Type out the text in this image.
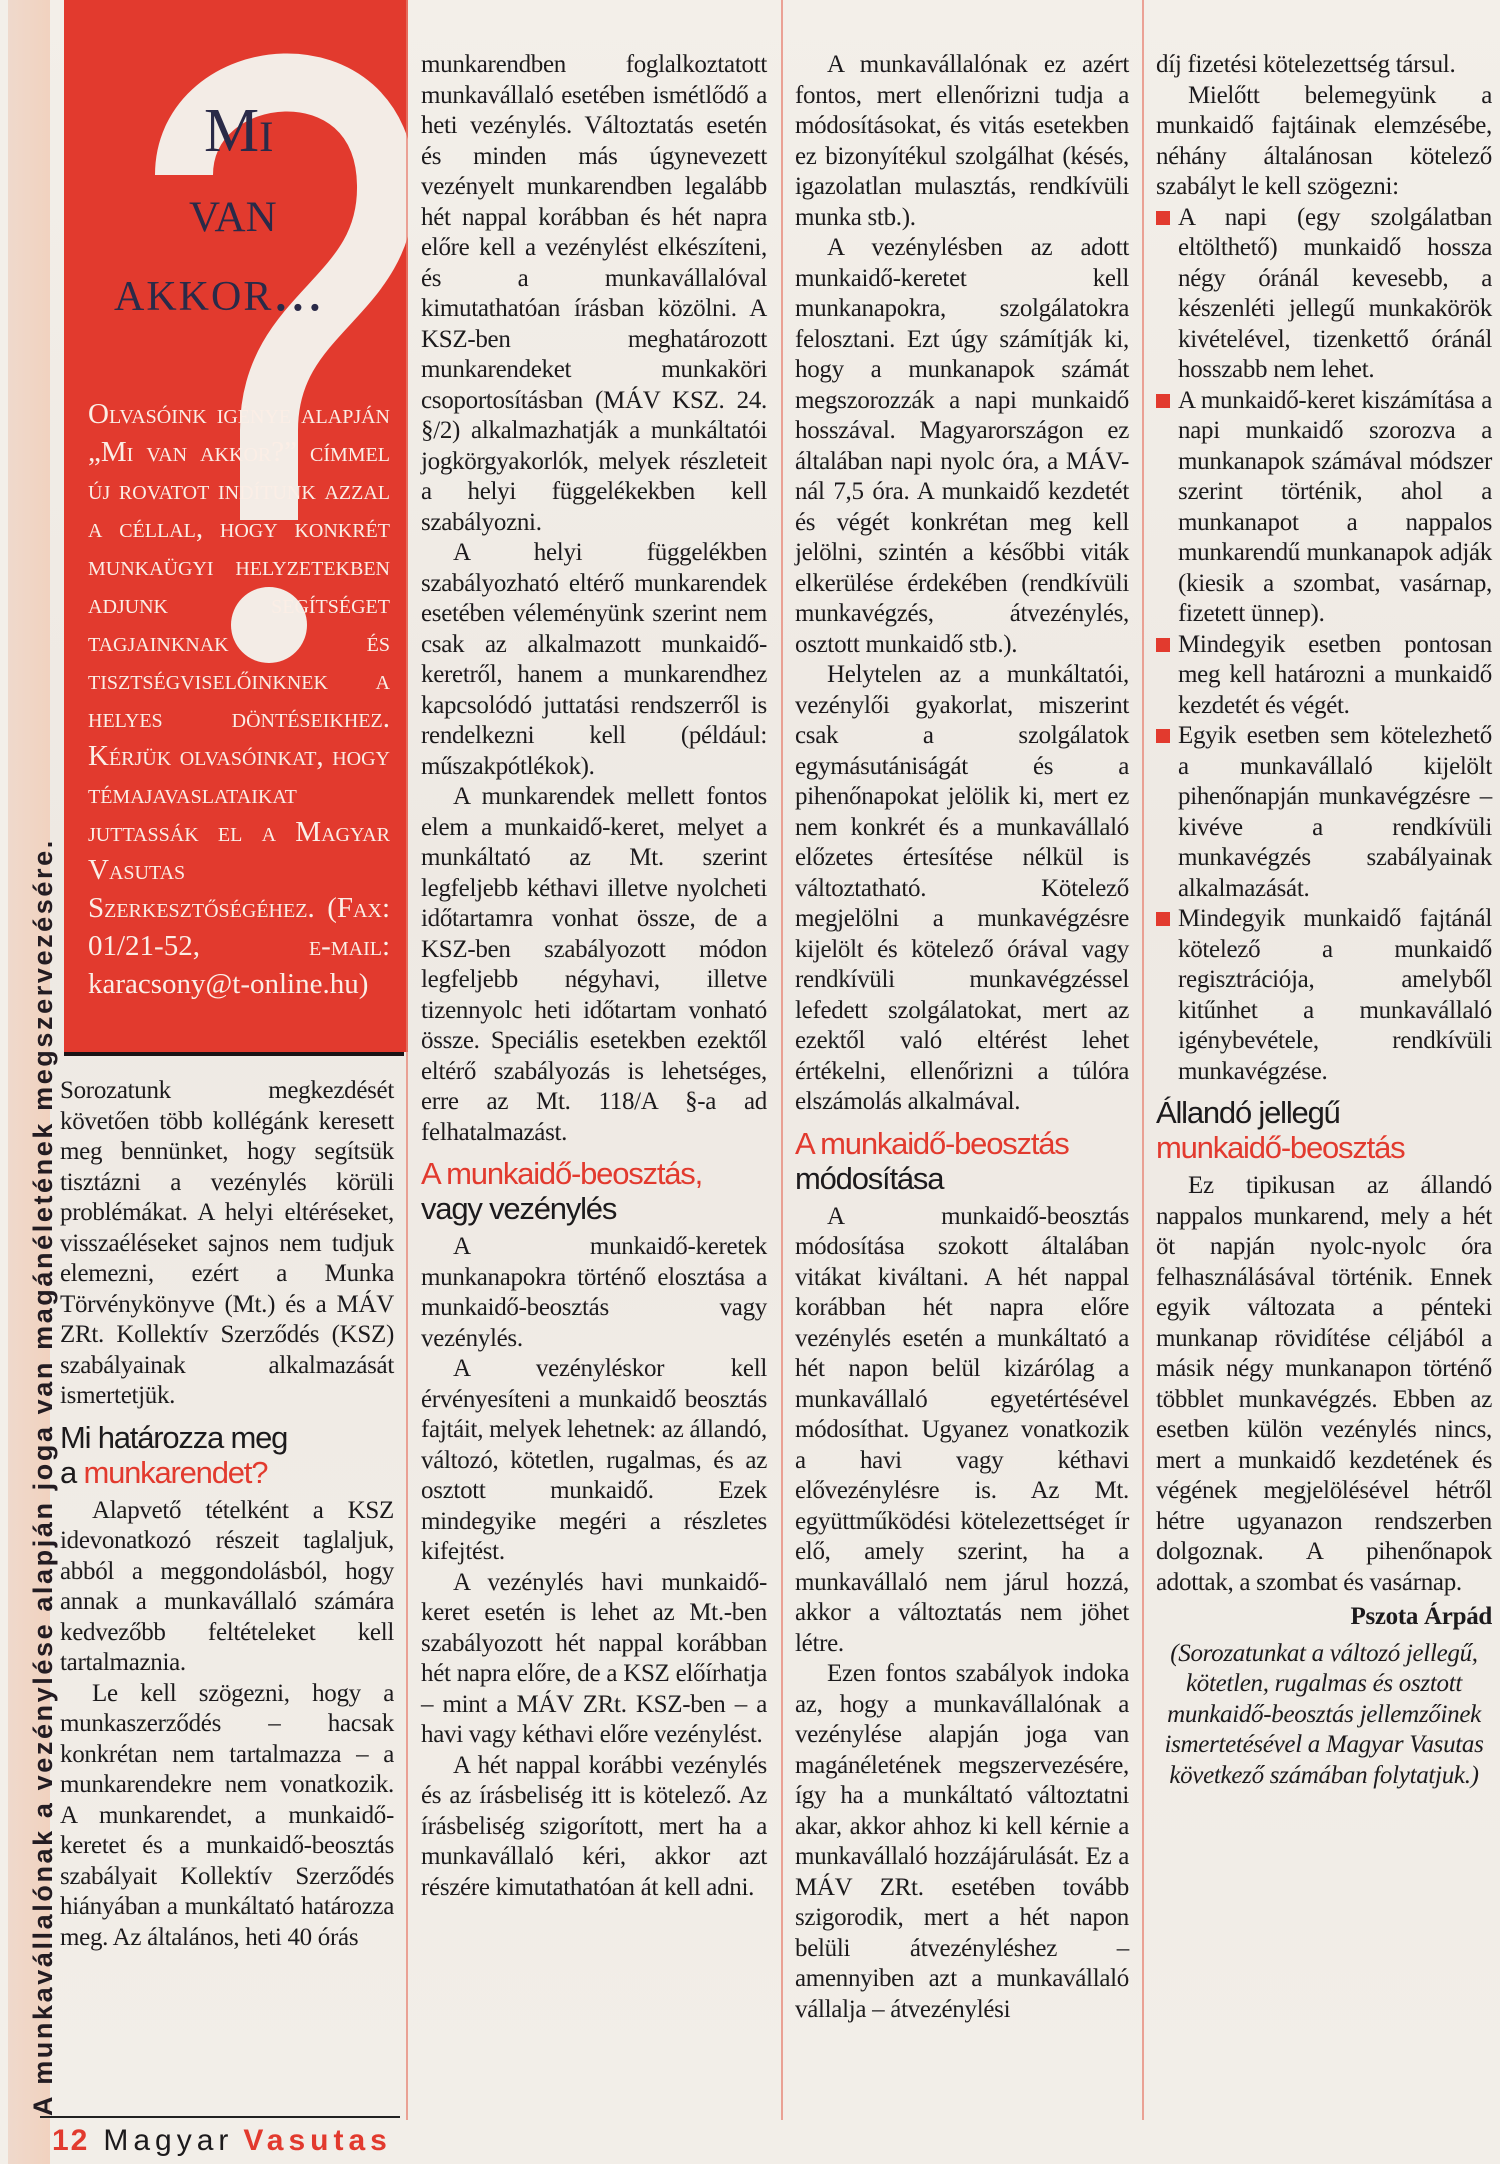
A munkavállalónak a vezénylése alapján joga van magánéletének megszervezésére.
Mi
van
akkor...
Olvasóink igénye alapján „Mi van akkor?” címmel új rovatot indítunk azzal a céllal, hogy konkrét munkaügyi helyzetekben adjunk segítséget tagjainknak és tisztségviselőinknek a helyes döntéseikhez. Kérjük olvasóinkat, hogy témajavaslataikat juttassák el a Magyar Vasutas Szerkesztőségéhez. (Fax: 01/21-52, e-mail: karacsony@t-online.hu)

Sorozatunk megkezdését követően több kollégánk keresett meg bennünket, hogy segítsük tisztázni a vezénylés körüli problémákat. A helyi eltéréseket, visszaéléseket sajnos nem tudjuk elemezni, ezért a Munka Törvénykönyve (Mt.) és a MÁV ZRt. Kollektív Szerződés (KSZ) szabályainak alkalmazását ismertetjük.

Mi határozza meg
a munkarendet?

Alapvető tételként a KSZ idevonatkozó részeit taglaljuk, abból a meggondolásból, hogy annak a munkavállaló számára kedvezőbb feltételeket kell tartalmaznia.

Le kell szögezni, hogy a munkaszerződés – hacsak konkrétan nem tartalmazza – a munkarendekre nem vonatkozik. A munkarendet, a munkaidő-keretet és a munkaidő-beosztás szabályait Kollektív Szerződés hiányában a munkáltató határozza meg. Az általános, heti 40 órás

munkarendben foglalkoztatott munkavállaló esetében ismétlődő a heti vezénylés. Változtatás esetén és minden más úgynevezett vezényelt munkarendben legalább hét nappal korábban és hét napra előre kell a vezénylést elkészíteni, és a munkavállalóval kimutathatóan írásban közölni. A KSZ-ben meghatározott munkarendeket munkaköri csoportosításban (MÁV KSZ. 24. §/2) alkalmazhatják a munkáltatói jogkörgyakorlók, melyek részleteit a helyi függelékekben kell szabályozni.

A helyi függelékben szabályozható eltérő munkarendek esetében véleményünk szerint nem csak az alkalmazott munkaidő-keretről, hanem a munkarendhez kapcsolódó juttatási rendszerről is rendelkezni kell (például: műszakpótlékok).

A munkarendek mellett fontos elem a munkaidő-keret, melyet a munkáltató az Mt. szerint legfeljebb kéthavi illetve nyolcheti időtartamra vonhat össze, de a KSZ-ben szabályozott módon legfeljebb négyhavi, illetve tizennyolc heti időtartam vonható össze. Speciális esetekben ezektől eltérő szabályozás is lehetséges, erre az Mt. 118/A §-a ad felhatalmazást.

A munkaidő-beosztás,
vagy vezénylés

A munkaidő-keretek munkanapokra történő elosztása a munkaidő-beosztás vagy vezénylés.

A vezényléskor kell érvényesíteni a munkaidő beosztás fajtáit, melyek lehetnek: az állandó, változó, kötetlen, rugalmas, és az osztott munkaidő. Ezek mindegyike megéri a részletes kifejtést.

A vezénylés havi munkaidő-keret esetén is lehet az Mt.-ben szabályozott hét nappal korábban hét napra előre, de a KSZ előírhatja – mint a MÁV ZRt. KSZ-ben – a havi vagy kéthavi előre vezénylést.

A hét nappal korábbi vezénylés és az írásbeliség itt is kötelező. Az írásbeliség szigorított, mert ha a munkavállaló kéri, akkor azt részére kimutathatóan át kell adni.

A munkavállalónak ez azért fontos, mert ellenőrizni tudja a módosításokat, és vitás esetekben ez bizonyítékul szolgálhat (késés, igazolatlan mulasztás, rendkívüli munka stb.).

A vezénylésben az adott munkaidő-keretet kell munkanapokra, szolgálatokra felosztani. Ezt úgy számítják ki, hogy a munkanapok számát megszorozzák a napi munkaidő hosszával. Magyarországon ez általában napi nyolc óra, a MÁV-nál 7,5 óra. A munkaidő kezdetét és végét konkrétan meg kell jelölni, szintén a későbbi viták elkerülése érdekében (rendkívüli munkavégzés, átvezénylés, osztott munkaidő stb.).

Helytelen az a munkáltatói, vezénylői gyakorlat, miszerint csak a szolgálatok egymásutániságát és a pihenőnapokat jelölik ki, mert ez nem konkrét és a munkavállaló előzetes értesítése nélkül is változtatható. Kötelező megjelölni a munkavégzésre kijelölt és kötelező órával vagy rendkívüli munkavégzéssel lefedett szolgálatokat, mert az ezektől való eltérést lehet értékelni, ellenőrizni a túlóra elszámolás alkalmával.

A munkaidő-beosztás
módosítása

A munkaidő-beosztás módosítása szokott általában vitákat kiváltani. A hét nappal korábban hét napra előre vezénylés esetén a munkáltató a hét napon belül kizárólag a munkavállaló egyetértésével módosíthat. Ugyanez vonatkozik a havi vagy kéthavi elővezénylésre is. Az Mt. együttműködési kötelezettséget ír elő, amely szerint, ha a munkavállaló nem járul hozzá, akkor a változtatás nem jöhet létre.

Ezen fontos szabályok indoka az, hogy a munkavállalónak a vezénylése alapján joga van magánéletének megszervezésére, így ha a munkáltató változtatni akar, akkor ahhoz ki kell kérnie a munkavállaló hozzájárulását. Ez a MÁV ZRt. esetében tovább szigorodik, mert a hét napon belüli átvezényléshez – amennyiben azt a munkavállaló vállalja – átvezénylési

díj fizetési kötelezettség társul.

Mielőtt belemegyünk a munkaidő fajtáinak elemzésébe, néhány általánosan kötelező szabályt le kell szögezni:

A napi (egy szolgálatban eltölthető) munkaidő hossza négy óránál kevesebb, a készenléti jellegű munkakörök kivételével, tizenkettő óránál hosszabb nem lehet.

A munkaidő-keret kiszámítása a napi munkaidő szorozva a munkanapok számával módszer szerint történik, ahol a munkanapot a nappalos munkarendű munkanapok adják (kiesik a szombat, vasárnap, fizetett ünnep).

Mindegyik esetben pontosan meg kell határozni a munkaidő kezdetét és végét.

Egyik esetben sem kötelezhető a munkavállaló kijelölt pihenőnapján munkavégzésre – kivéve a rendkívüli munkavégzés szabályainak alkalmazását.

Mindegyik munkaidő fajtánál kötelező a munkaidő regisztrációja, amelyből kitűnhet a munkavállaló igénybevétele, rendkívüli munkavégzése.

Állandó jellegű
munkaidő-beosztás

Ez tipikusan az állandó nappalos munkarend, mely a hét öt napján nyolc-nyolc óra felhasználásával történik. Ennek egyik változata a pénteki munkanap rövidítése céljából a másik négy munkanapon történő többlet munkavégzés. Ebben az esetben külön vezénylés nincs, mert a munkaidő kezdetének és végének megjelölésével hétről hétre ugyanazon rendszerben dolgoznak. A pihenőnapok adottak, a szombat és vasárnap.

Pszota Árpád

(Sorozatunkat a változó jellegű, kötetlen, rugalmas és osztott munkaidő-beosztás jellemzőinek ismertetésével a Magyar Vasutas következő számában folytatjuk.)

12 Magyar Vasutas
